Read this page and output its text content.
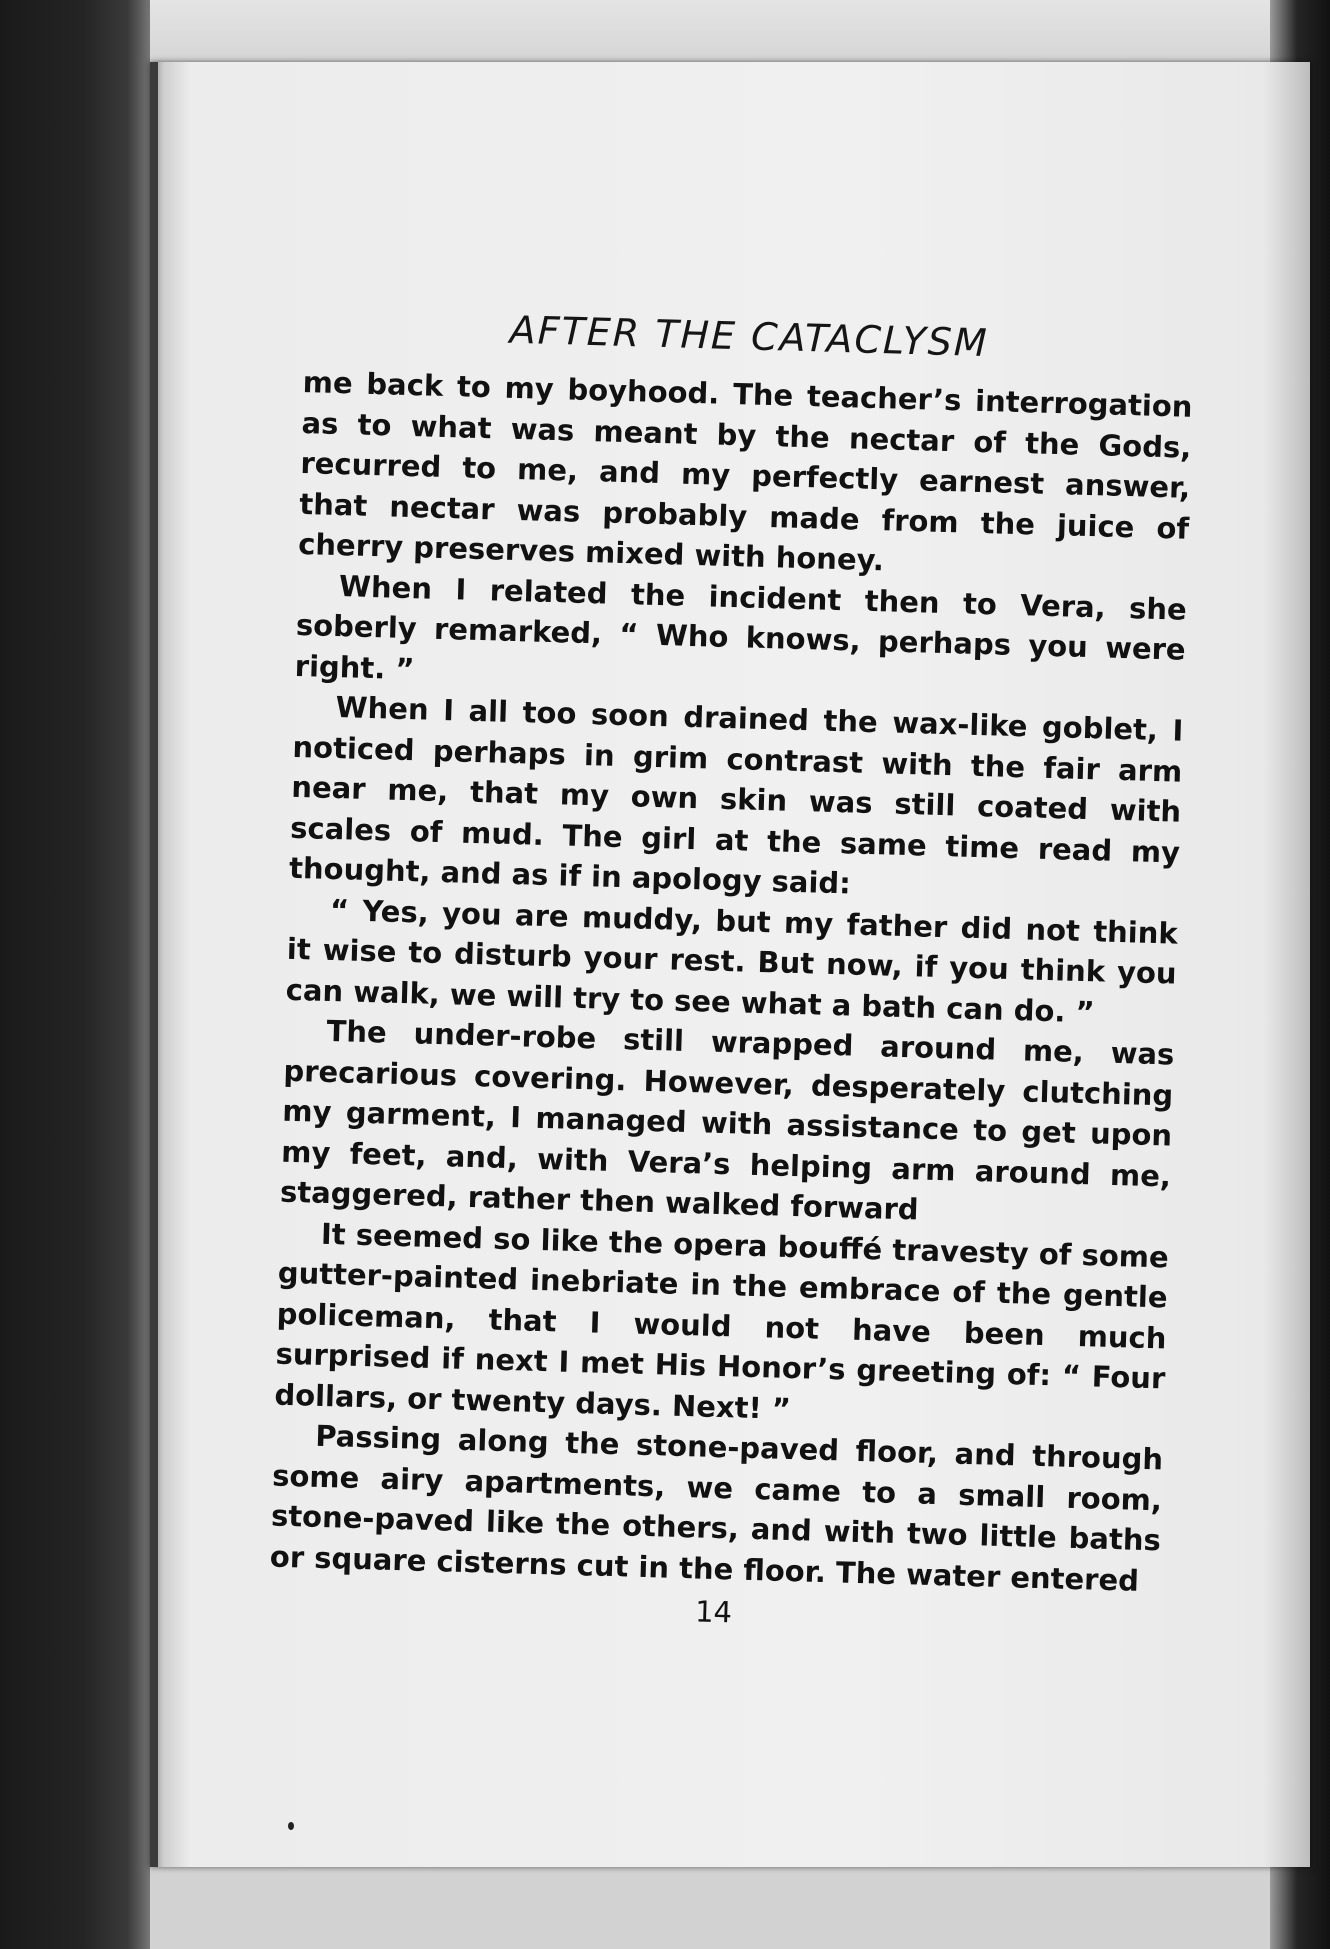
AFTER THE CATACLYSM

me back to my boyhood. The teacher’s interrogation as to what was meant by the nectar of the Gods, recurred to me, and my perfectly earnest answer, that nectar was probably made from the juice of cherry preserves mixed with honey.

When I related the incident then to Vera, she soberly remarked, “ Who knows, perhaps you were right. ”

When I all too soon drained the wax-like goblet, I noticed perhaps in grim contrast with the fair arm near me, that my own skin was still coated with scales of mud. The girl at the same time read my thought, and as if in apology said:

“ Yes, you are muddy, but my father did not think it wise to disturb your rest. But now, if you think you can walk, we will try to see what a bath can do. ”

The under-robe still wrapped around me, was precarious covering. However, desperately clutching my garment, I managed with assistance to get upon my feet, and, with Vera’s helping arm around me, staggered, rather then walked forward

It seemed so like the opera bouffé travesty of some gutter-painted inebriate in the embrace of the gentle policeman, that I would not have been much surprised if next I met His Honor’s greeting of: “ Four dollars, or twenty days. Next! ”

Passing along the stone-paved floor, and through some airy apartments, we came to a small room, stone-paved like the others, and with two little baths or square cisterns cut in the floor. The water entered

14
